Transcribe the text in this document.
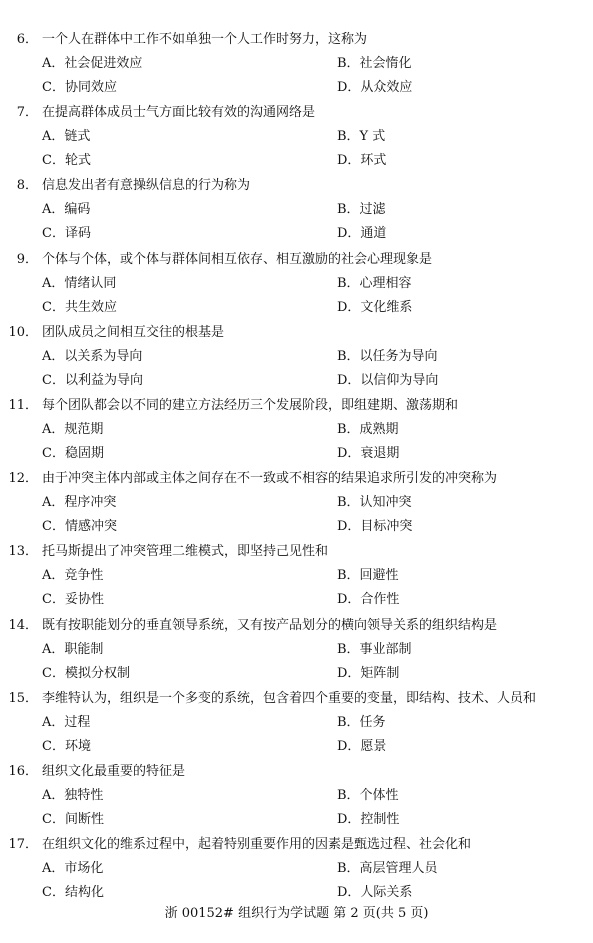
6． 一个人在群体中工作不如单独一个人工作时努力，这称为
A．社会促进效应	B．社会惰化
C．协同效应	D．从众效应
7． 在提高群体成员士气方面比较有效的沟通网络是
A．链式	B．Y 式
C．轮式	D．环式
8． 信息发出者有意操纵信息的行为称为
A．编码	B．过滤
C．译码	D．通道
9． 个体与个体，或个体与群体间相互依存、相互激励的社会心理现象是
A．情绪认同	B．心理相容
C．共生效应	D．文化维系
10． 团队成员之间相互交往的根基是
A．以关系为导向	B．以任务为导向
C．以利益为导向	D．以信仰为导向
11． 每个团队都会以不同的建立方法经历三个发展阶段，即组建期、激荡期和
A．规范期	B．成熟期
C．稳固期	D．衰退期
12． 由于冲突主体内部或主体之间存在不一致或不相容的结果追求所引发的冲突称为
A．程序冲突	B．认知冲突
C．情感冲突	D．目标冲突
13． 托马斯提出了冲突管理二维模式，即坚持己见性和
A．竞争性	B．回避性
C．妥协性	D．合作性
14． 既有按职能划分的垂直领导系统，又有按产品划分的横向领导关系的组织结构是
A．职能制	B．事业部制
C．模拟分权制	D．矩阵制
15． 李维特认为，组织是一个多变的系统，包含着四个重要的变量，即结构、技术、人员和
A．过程	B．任务
C．环境	D．愿景
16． 组织文化最重要的特征是
A．独特性	B．个体性
C．间断性	D．控制性
17． 在组织文化的维系过程中，起着特别重要作用的因素是甄选过程、社会化和
A．市场化	B．高层管理人员
C．结构化	D．人际关系
浙 00152# 组织行为学试题 第 2 页(共 5 页)
